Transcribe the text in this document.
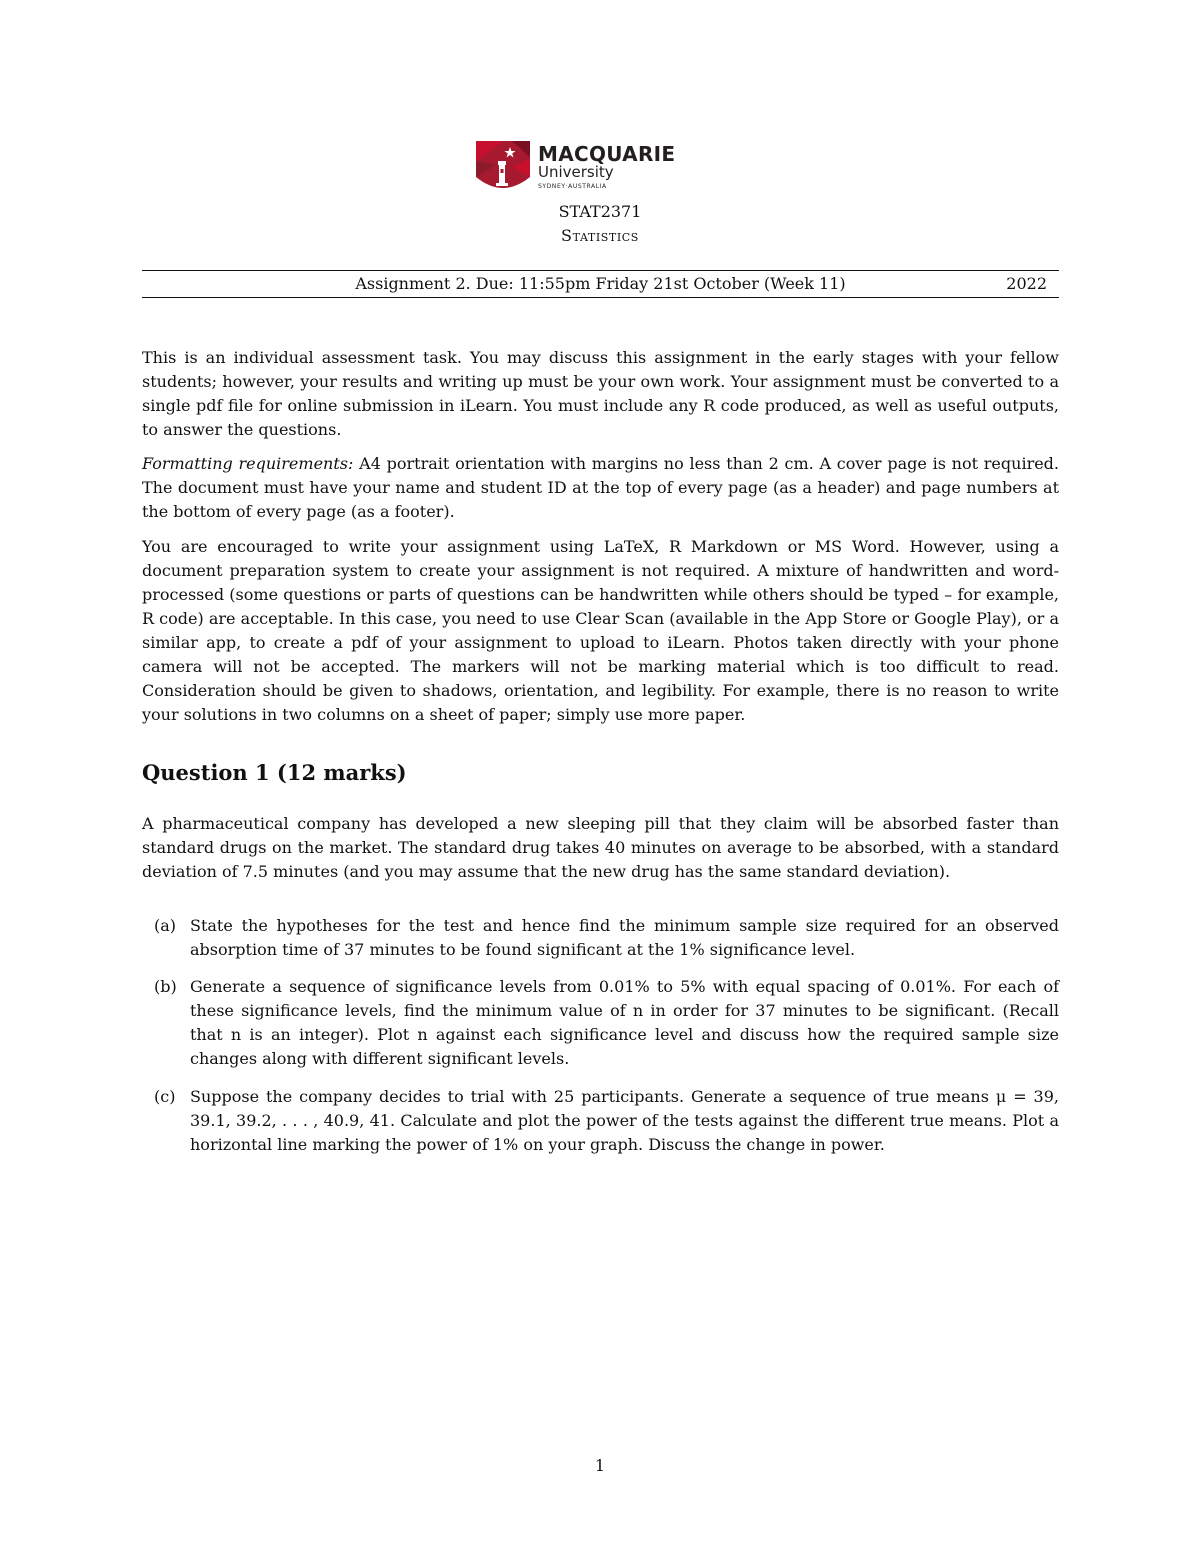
MACQUARIE
University
SYDNEY·AUSTRALIA
STAT2371
Statistics
Assignment 2. Due: 11:55pm Friday 21st October (Week 11)	2022

This is an individual assessment task. You may discuss this assignment in the early stages with your fellow students; however, your results and writing up must be your own work. Your assignment must be converted to a single pdf file for online submission in iLearn. You must include any R code produced, as well as useful outputs, to answer the questions.

Formatting requirements: A4 portrait orientation with margins no less than 2 cm. A cover page is not required. The document must have your name and student ID at the top of every page (as a header) and page numbers at the bottom of every page (as a footer).

You are encouraged to write your assignment using LaTeX, R Markdown or MS Word. However, using a document preparation system to create your assignment is not required. A mixture of handwritten and word-processed (some questions or parts of questions can be handwritten while others should be typed – for example, R code) are acceptable. In this case, you need to use Clear Scan (available in the App Store or Google Play), or a similar app, to create a pdf of your assignment to upload to iLearn. Photos taken directly with your phone camera will not be accepted. The markers will not be marking material which is too difficult to read. Consideration should be given to shadows, orientation, and legibility. For example, there is no reason to write your solutions in two columns on a sheet of paper; simply use more paper.

Question 1 (12 marks)

A pharmaceutical company has developed a new sleeping pill that they claim will be absorbed faster than standard drugs on the market. The standard drug takes 40 minutes on average to be absorbed, with a standard deviation of 7.5 minutes (and you may assume that the new drug has the same standard deviation).

(a) State the hypotheses for the test and hence find the minimum sample size required for an observed absorption time of 37 minutes to be found significant at the 1% significance level.
(b) Generate a sequence of significance levels from 0.01% to 5% with equal spacing of 0.01%. For each of these significance levels, find the minimum value of n in order for 37 minutes to be significant. (Recall that n is an integer). Plot n against each significance level and discuss how the required sample size changes along with different significant levels.
(c) Suppose the company decides to trial with 25 participants. Generate a sequence of true means μ = 39, 39.1, 39.2, . . . , 40.9, 41. Calculate and plot the power of the tests against the different true means. Plot a horizontal line marking the power of 1% on your graph. Discuss the change in power.
1
